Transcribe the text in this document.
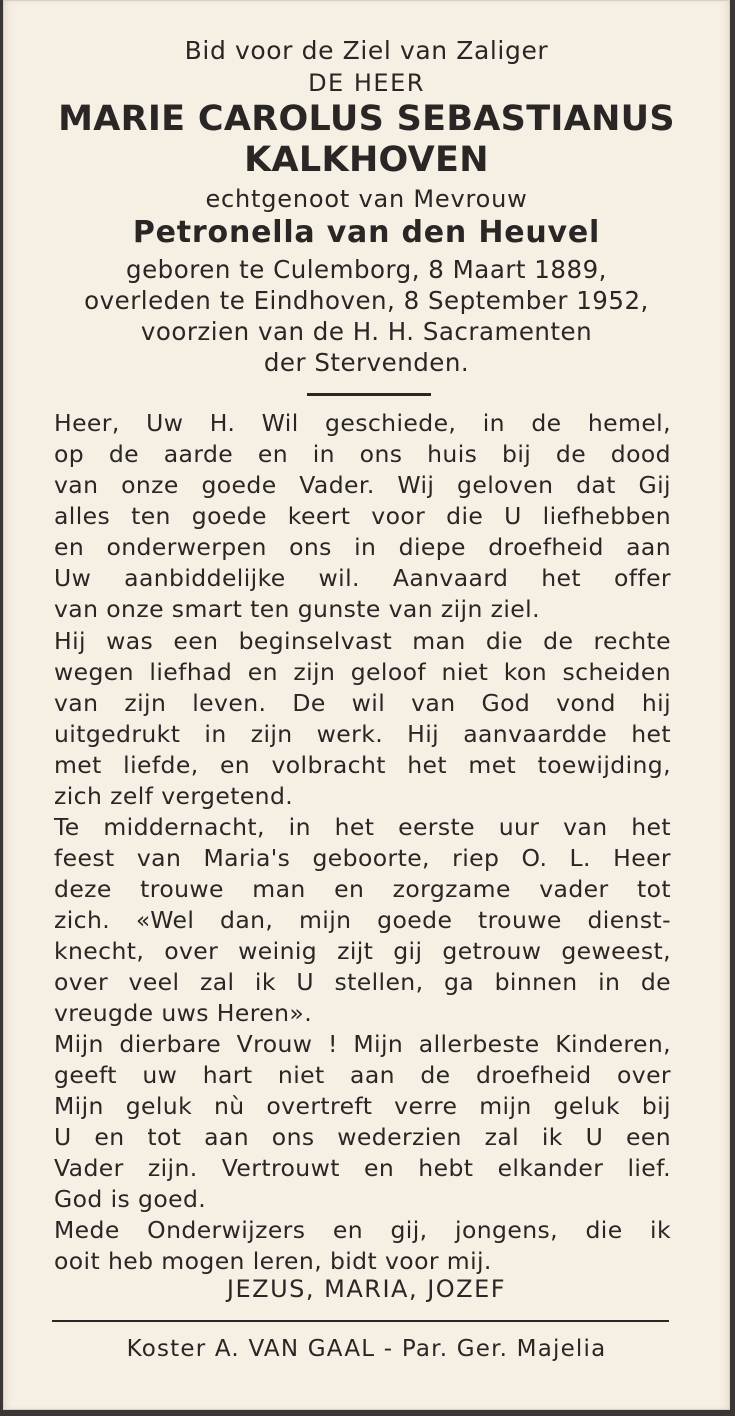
Bid voor de Ziel van Zaliger

DE HEER

MARIE CAROLUS SEBASTIANUS

KALKHOVEN

echtgenoot van Mevrouw

Petronella van den Heuvel

geboren te Culemborg, 8 Maart 1889,

overleden te Eindhoven, 8 September 1952,

voorzien van de H. H. Sacramenten

der Stervenden.

Heer, Uw H. Wil geschiede, in de hemel,

op de aarde en in ons huis bij de dood

van onze goede Vader. Wij geloven dat Gij

alles ten goede keert voor die U liefhebben

en onderwerpen ons in diepe droefheid aan

Uw aanbiddelijke wil. Aanvaard het offer

van onze smart ten gunste van zijn ziel.

Hij was een beginselvast man die de rechte

wegen liefhad en zijn geloof niet kon scheiden

van zijn leven. De wil van God vond hij

uitgedrukt in zijn werk. Hij aanvaardde het

met liefde, en volbracht het met toewijding,

zich zelf vergetend.

Te middernacht, in het eerste uur van het

feest van Maria's geboorte, riep O. L. Heer

deze trouwe man en zorgzame vader tot

zich. «Wel dan, mijn goede trouwe dienst-

knecht, over weinig zijt gij getrouw geweest,

over veel zal ik U stellen, ga binnen in de

vreugde uws Heren».

Mijn dierbare Vrouw ! Mijn allerbeste Kinderen,

geeft uw hart niet aan de droefheid over

Mijn geluk nù overtreft verre mijn geluk bij

U en tot aan ons wederzien zal ik U een

Vader zijn. Vertrouwt en hebt elkander lief.

God is goed.

Mede Onderwijzers en gij, jongens, die ik

ooit heb mogen leren, bidt voor mij.

JEZUS, MARIA, JOZEF

Koster A. VAN GAAL - Par. Ger. Majelia
